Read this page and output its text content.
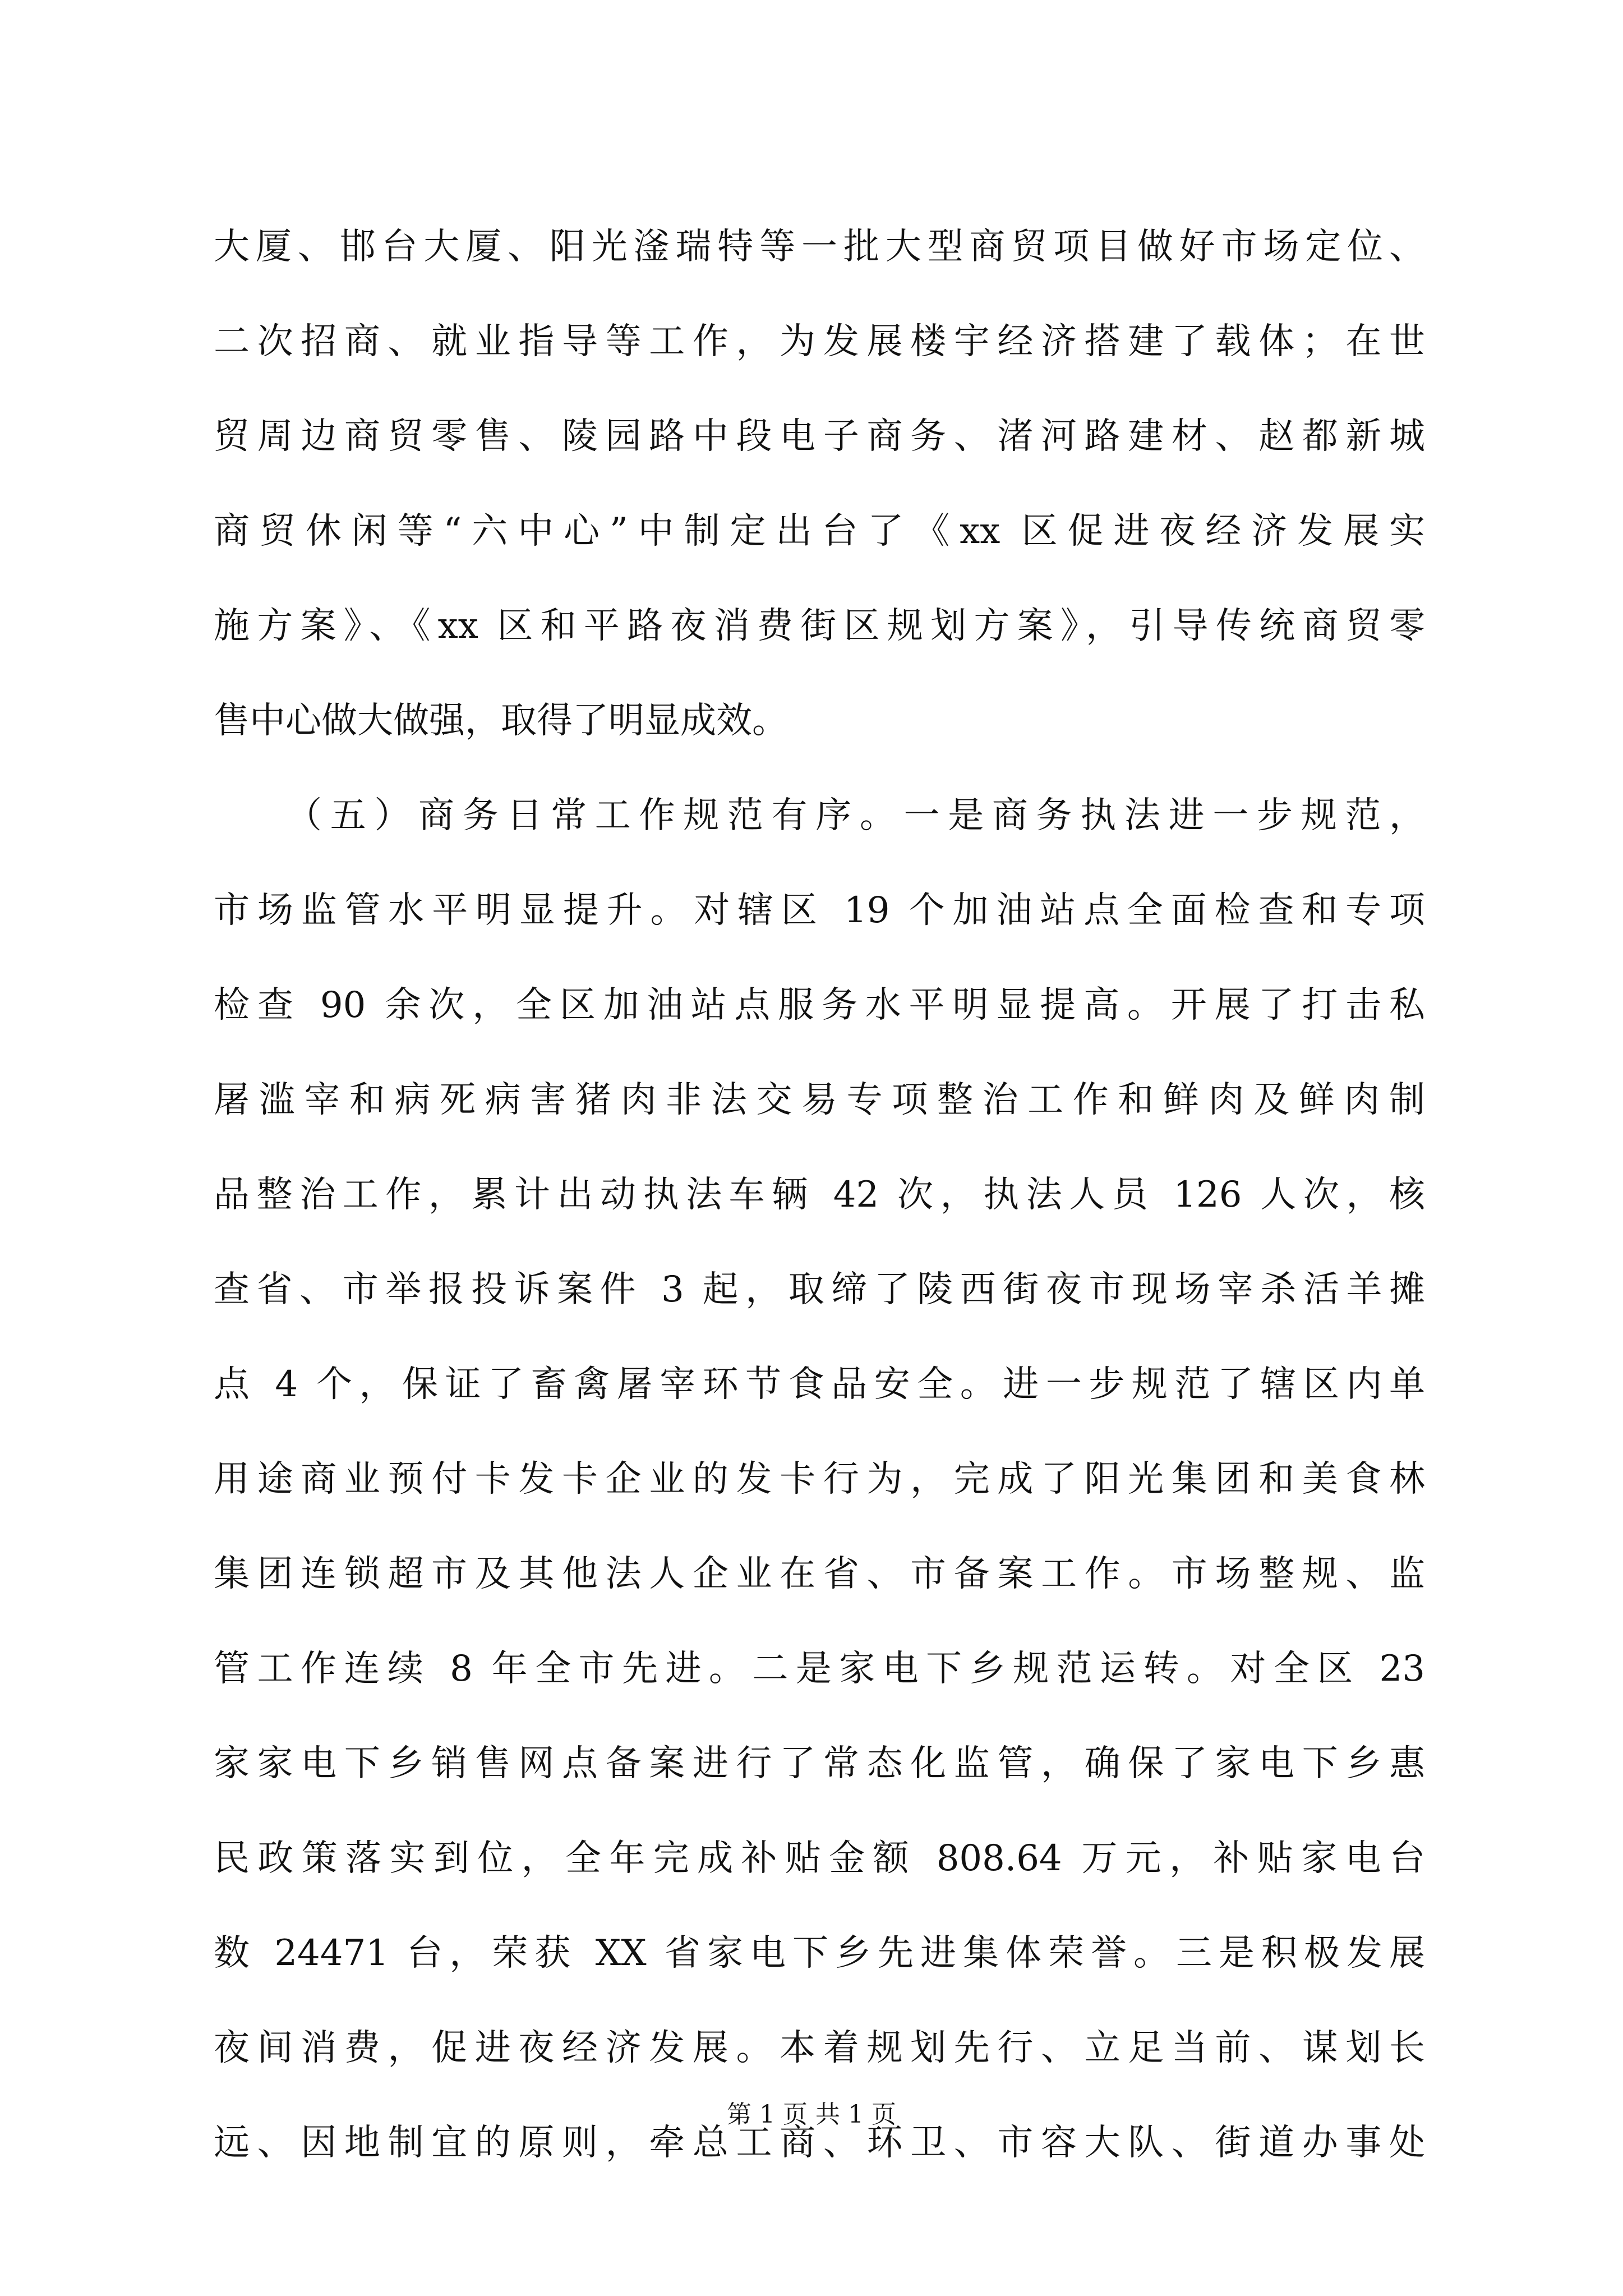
大厦、邯台大厦、阳光滏瑞特等一批大型商贸项目做好市场定位、
二次招商、就业指导等工作，为发展楼宇经济搭建了载体；在世
贸周边商贸零售、陵园路中段电子商务、渚河路建材、赵都新城
商贸休闲等“六中心”中制定出台了《xx 区促进夜经济发展实
施方案》、《xx 区和平路夜消费街区规划方案》，引导传统商贸零
售中心做大做强，取得了明显成效。
（五）商务日常工作规范有序。一是商务执法进一步规范，
市场监管水平明显提升。对辖区 19 个加油站点全面检查和专项
检查 90 余次，全区加油站点服务水平明显提高。开展了打击私
屠滥宰和病死病害猪肉非法交易专项整治工作和鲜肉及鲜肉制
品整治工作，累计出动执法车辆 42 次，执法人员 126 人次，核
查省、市举报投诉案件 3 起，取缔了陵西街夜市现场宰杀活羊摊
点 4 个，保证了畜禽屠宰环节食品安全。进一步规范了辖区内单
用途商业预付卡发卡企业的发卡行为，完成了阳光集团和美食林
集团连锁超市及其他法人企业在省、市备案工作。市场整规、监
管工作连续 8 年全市先进。二是家电下乡规范运转。对全区 23
家家电下乡销售网点备案进行了常态化监管，确保了家电下乡惠
民政策落实到位，全年完成补贴金额 808.64 万元，补贴家电台
数 24471 台，荣获 XX 省家电下乡先进集体荣誉。三是积极发展
夜间消费，促进夜经济发展。本着规划先行、立足当前、谋划长
远、因地制宜的原则，牵总工商、环卫、市容大队、街道办事处
第 1 页 共 1 页
